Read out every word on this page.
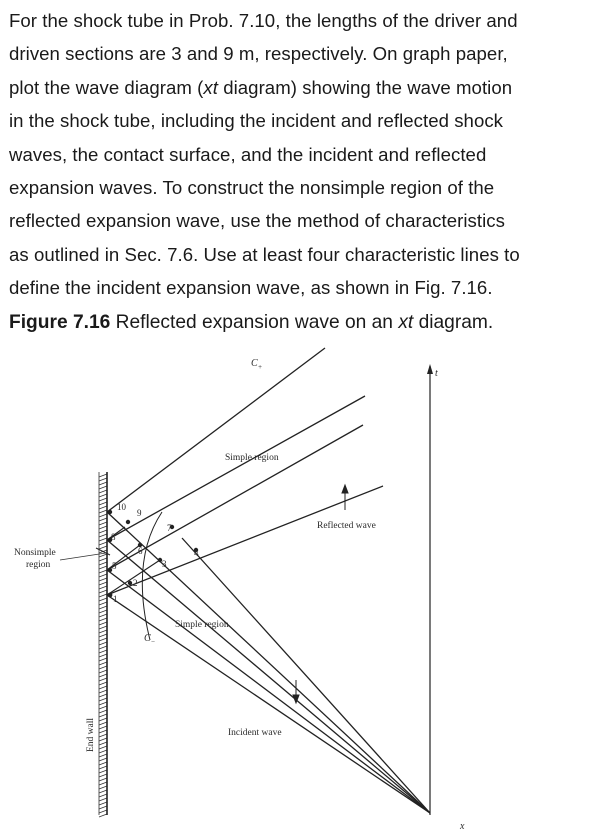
For the shock tube in Prob. 7.10, the lengths of the driver and
driven sections are 3 and 9 m, respectively. On graph paper,
plot the wave diagram (xt diagram) showing the wave motion
in the shock tube, including the incident and reflected shock
waves, the contact surface, and the incident and reflected
expansion waves. To construct the nonsimple region of the
reflected expansion wave, use the method of characteristics
as outlined in Sec. 7.6. Use at least four characteristic lines to
define the incident expansion wave, as shown in Fig. 7.16.

Figure 7.16 Reflected expansion wave on an xt diagram.

t
x
1
2
3
4
5
6
7
8
9
10
$C_+$
$C_-$
Simple region
Simple region
Reflected wave
Incident wave
Nonsimple
region
End wall
